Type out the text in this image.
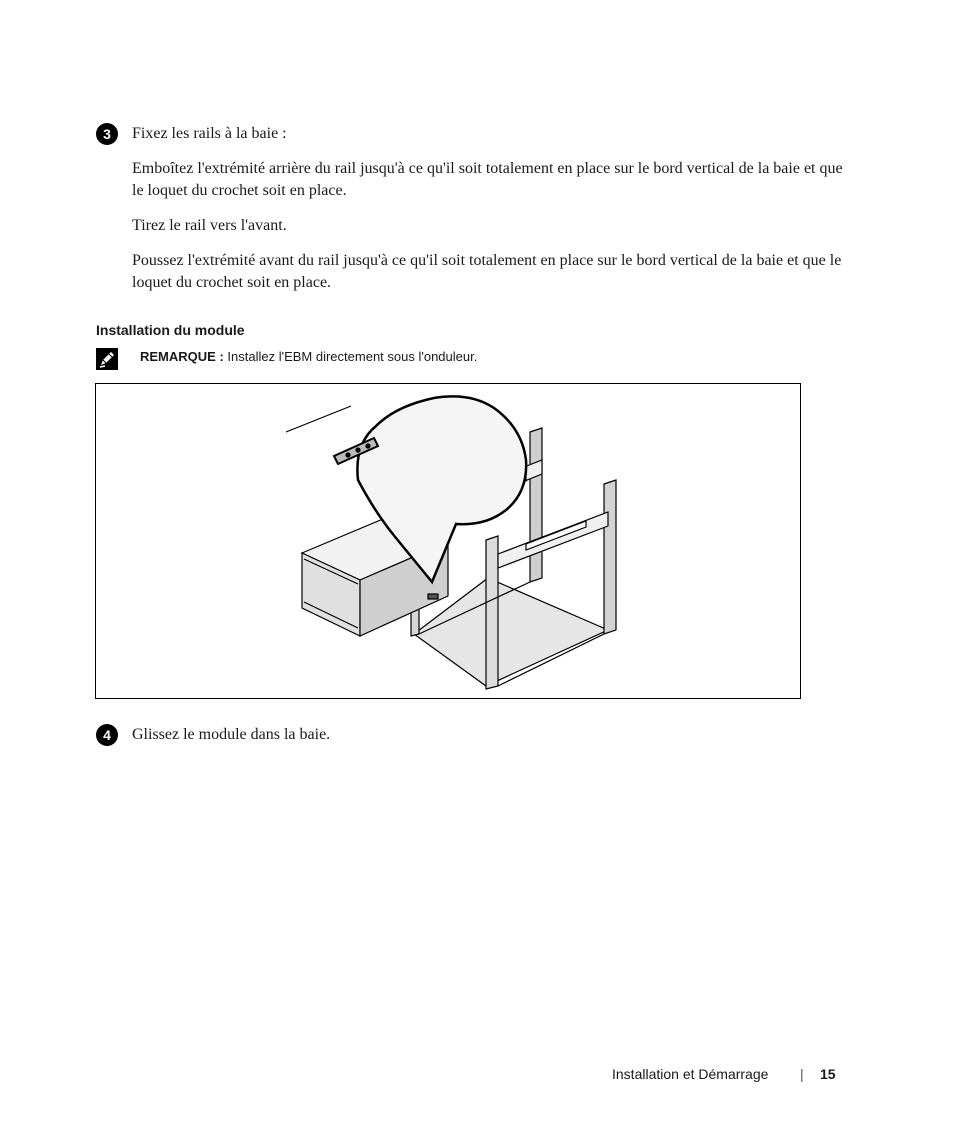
3	Fixez les rails à la baie :

Emboîtez l'extrémité arrière du rail jusqu'à ce qu'il soit totalement en place sur le bord vertical de la baie et que le loquet du crochet soit en place.

Tirez le rail vers l'avant.

Poussez l'extrémité avant du rail jusqu'à ce qu'il soit totalement en place sur le bord vertical de la baie et que le loquet du crochet soit en place.

Installation du module

REMARQUE : Installez l'EBM directement sous l'onduleur.

4	Glissez le module dans la baie.

Installation et Démarrage | 15
